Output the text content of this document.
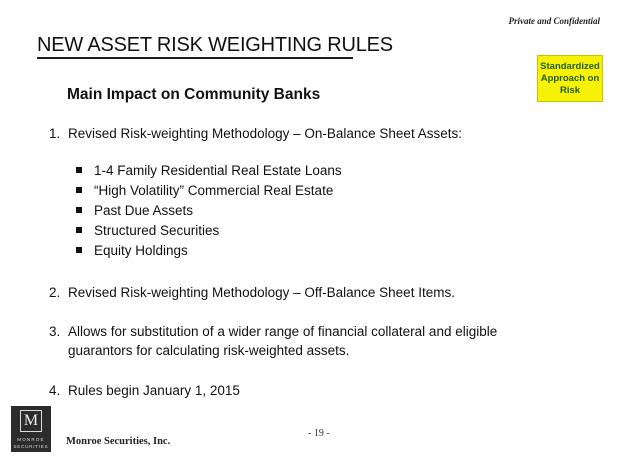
Private and Confidential
NEW ASSET RISK WEIGHTING RULES
Standardized
Approach on
Risk
Main Impact on Community Banks
1. Revised Risk-weighting Methodology – On-Balance Sheet Assets:
1-4 Family Residential Real Estate Loans
“High Volatility” Commercial Real Estate
Past Due Assets
Structured Securities
Equity Holdings
2. Revised Risk-weighting Methodology – Off-Balance Sheet Items.
3. Allows for substitution of a wider range of financial collateral and eligible
guarantors for calculating risk-weighted assets.
4. Rules begin January 1, 2015
M
MONROE
SECURITIES Monroe Securities, Inc.
- 19 -
